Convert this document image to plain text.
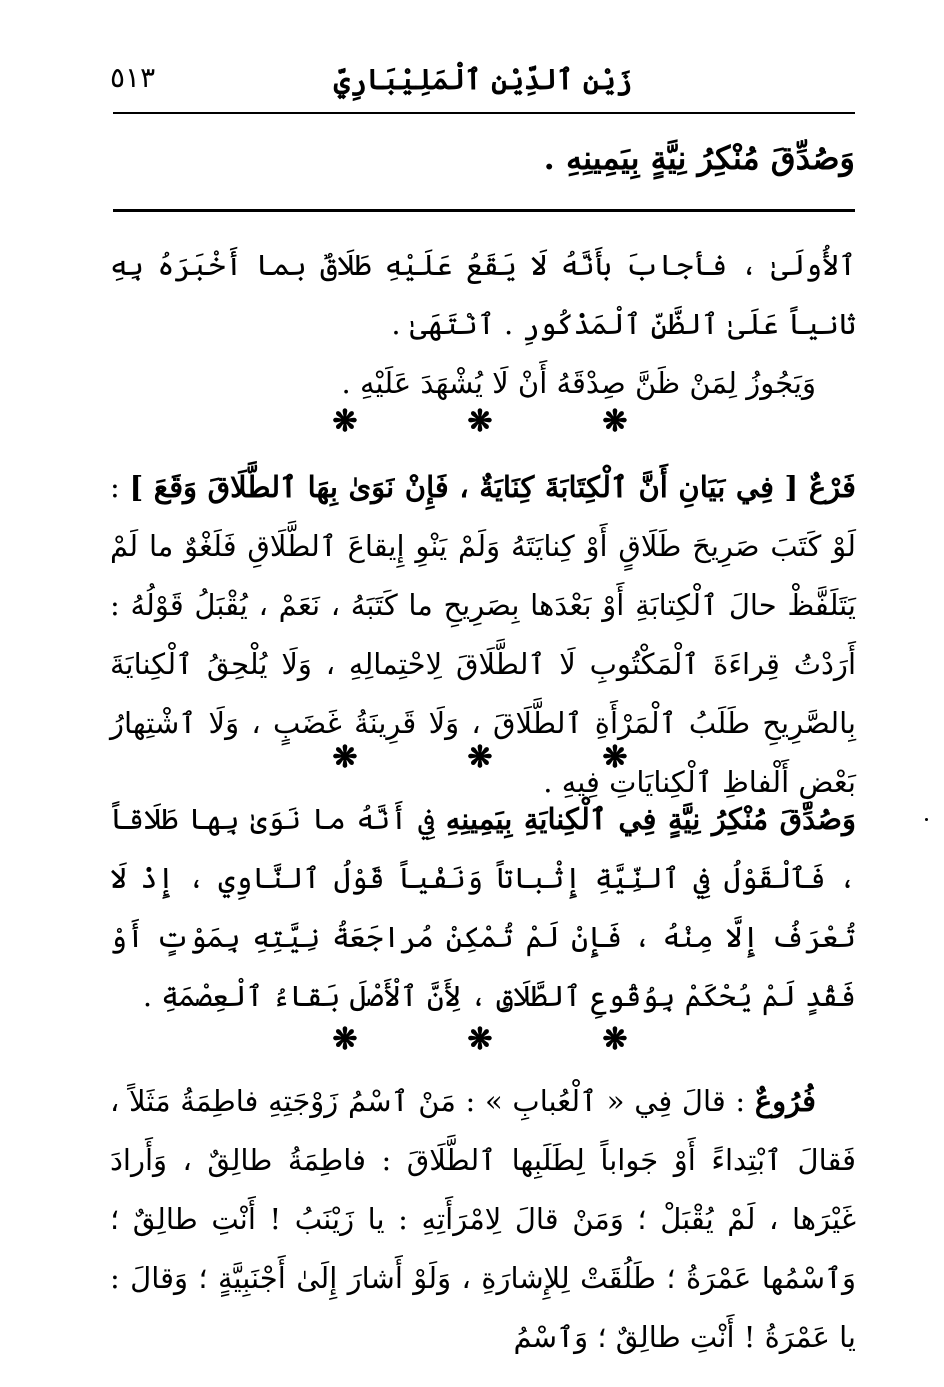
زَيْن ٱلدِّيْن ٱلْمَلِيْبَارِيّ
٥١٣
وَصُدِّقَ مُنْكِرُ نِيَّةٍ بِيَمِينِهِ .
ٱلأُولَىٰ ، فأجابَ بأَنَّهُ لَا يَقَعُ عَلَيْهِ طَلَاقٌ بما أَخْبَرَهُ بِهِ ثانياً عَلَىٰ ٱلظَّنِّ ٱلْمَذْكُورِ . ٱنْتَهَىٰ .
وَيَجُوزُ لِمَنْ ظَنَّ صِدْقَهُ أَنْ لَا يُشْهَدَ عَلَيْهِ .
❋	❋	❋
فَرْعٌ [ فِي بَيَانِ أَنَّ ٱلْكِتَابَةَ كِنَايَةٌ ، فَإِنْ نَوَىٰ بِهَا ٱلطَّلَاقَ وَقَعَ ] : لَوْ كَتَبَ صَرِيحَ طَلَاقٍ أَوْ كِنايَتَهُ وَلَمْ يَنْوِ إِيقاعَ ٱلطَّلَاقِ فَلَغْوٌ ما لَمْ يَتَلَفَّظْ حالَ ٱلْكِتابَةِ أَوْ بَعْدَها بِصَرِيحِ ما كَتَبَهُ ، نَعَمْ ، يُقْبَلُ قَوْلُهُ : أَرَدْتُ قِراءَةَ ٱلْمَكْتُوبِ لَا ٱلطَّلَاقَ لِاحْتِمالِهِ ، وَلَا يُلْحِقُ ٱلْكِنايَةَ بِالصَّرِيحِ طَلَبُ ٱلْمَرْأَةِ ٱلطَّلَاقَ ، وَلَا قَرِينَةُ غَضَبٍ ، وَلَا ٱشْتِهارُ بَعْضِ أَلْفاظِ ٱلْكِنايَاتِ فِيهِ .
❋	❋	❋
وَصُدِّقَ مُنْكِرُ نِيَّةٍ فِي ٱلْكِنايَةِ بِيَمِينِهِ فِي أَنَّهُ ما نَوَىٰ بِها طَلَاقاً ، فَٱلْقَوْلُ فِي ٱلنِّيَّةِ إِثْباتاً وَنَفْياً قَوْلُ ٱلنَّاوِي ، إِذْ لَا تُعْرَفُ إِلَّا مِنْهُ ، فَإِنْ لَمْ تُمْكِنْ مُراجَعَةُ نِيَّتِهِ بِمَوْتٍ أَوْ فَقْدٍ لَمْ يُحْكَمْ بِوُقُوعِ ٱلطَّلَاقِ ، لِأَنَّ ٱلْأَصْلَ بَقاءُ ٱلْعِصْمَةِ .
❋	❋	❋
فُرُوعٌ : قالَ فِي « ٱلْعُبابِ » : مَنْ ٱسْمُ زَوْجَتِهِ فاطِمَةُ مَثَلاً ، فَقالَ ٱبْتِداءً أَوْ جَواباً لِطَلَبِها ٱلطَّلَاقَ : فاطِمَةُ طالِقٌ ، وَأَرادَ غَيْرَها ، لَمْ يُقْبَلْ ؛ وَمَنْ قالَ لِامْرَأَتِهِ : يا زَيْنَبُ ! أَنْتِ طالِقٌ ؛ وَٱسْمُها عَمْرَةُ ؛ طَلُقَتْ لِلإِشارَةِ ، وَلَوْ أَشارَ إِلَىٰ أَجْنَبِيَّةٍ ؛ وَقالَ : يا عَمْرَةُ ! أَنْتِ طالِقٌ ؛ وَٱسْمُ
